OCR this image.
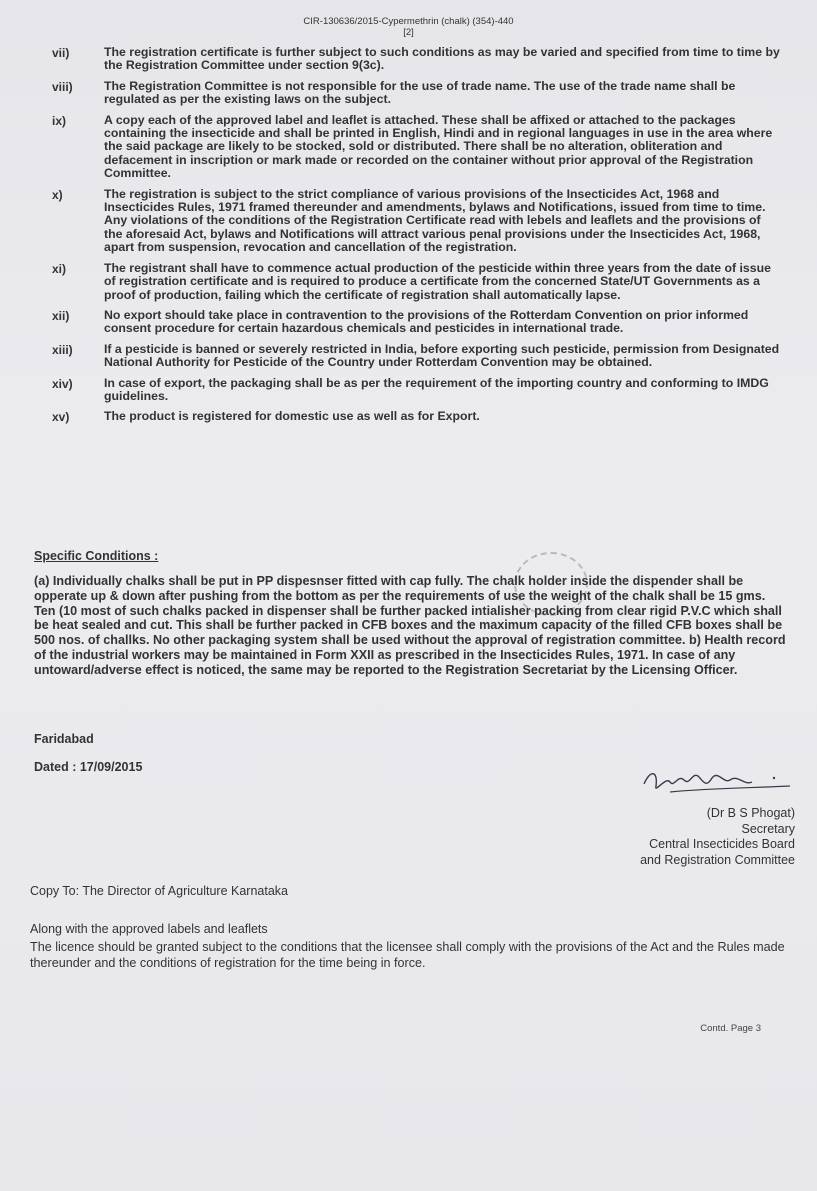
CIR-130636/2015-Cypermethrin (chalk) (354)-440
[2]
vii)	The registration certificate is further subject to such conditions as may be varied and specified from time to time by the Registration Committee under section 9(3c).
viii)	The Registration Committee is not responsible for the use of trade name. The use of the trade name shall be regulated as per the existing laws on the subject.
ix)	A copy each of the approved label and leaflet is attached. These shall be affixed or attached to the packages containing the insecticide and shall be printed in English, Hindi and in regional languages in use in the area where the said package are likely to be stocked, sold or distributed. There shall be no alteration, obliteration and defacement in inscription or mark made or recorded on the container without prior approval of the Registration Committee.
x)	The registration is subject to the strict compliance of various provisions of the Insecticides Act, 1968 and Insecticides Rules, 1971 framed thereunder and amendments, bylaws and Notifications, issued from time to time. Any violations of the conditions of the Registration Certificate read with lebels and leaflets and the provisions of the aforesaid Act, bylaws and Notifications will attract various penal provisions under the Insecticides Act, 1968, apart from suspension, revocation and cancellation of the registration.
xi)	The registrant shall have to commence actual production of the pesticide within three years from the date of issue of registration certificate and is required to produce a certificate from the concerned State/UT Governments as a proof of production, failing which the certificate of registration shall automatically lapse.
xii)	No export should take place in contravention to the provisions of the Rotterdam Convention on prior informed consent procedure for certain hazardous chemicals and pesticides in international trade.
xiii)	If a pesticide is banned or severely restricted in India, before exporting such pesticide, permission from Designated National Authority for Pesticide of the Country under Rotterdam Convention may be obtained.
xiv)	In case of export, the packaging shall be as per the requirement of the importing country and conforming to IMDG guidelines.
xv)	The product is registered for domestic use as well as for Export.
Specific Conditions :
(a) Individually chalks shall be put in PP dispesnser fitted with cap fully. The chalk holder inside the dispender shall be opperate up & down after pushing from the bottom as per the requirements of use the weight of the chalk shall be 15 gms. Ten (10 most of such chalks packed in dispenser shall be further packed intialisher packing from clear rigid P.V.C which shall be heat sealed and cut. This shall be further packed in CFB boxes and the maximum capacity of the filled CFB boxes shall be 500 nos. of challks. No other packaging system shall be used without the approval of registration committee. b) Health record of the industrial workers may be maintained in Form XXII as prescribed in the Insecticides Rules, 1971. In case of any untoward/adverse effect is noticed, the same may be reported to the Registration Secretariat by the Licensing Officer.
Faridabad
Dated : 17/09/2015
(Dr B S Phogat)
Secretary
Central Insecticides Board
and Registration Committee
Copy To: The Director of Agriculture Karnataka
Along with the approved labels and leaflets
The licence should be granted subject to the conditions that the licensee shall comply with the provisions of the Act and the Rules made thereunder and the conditions of registration for the time being in force.
Contd. Page 3
